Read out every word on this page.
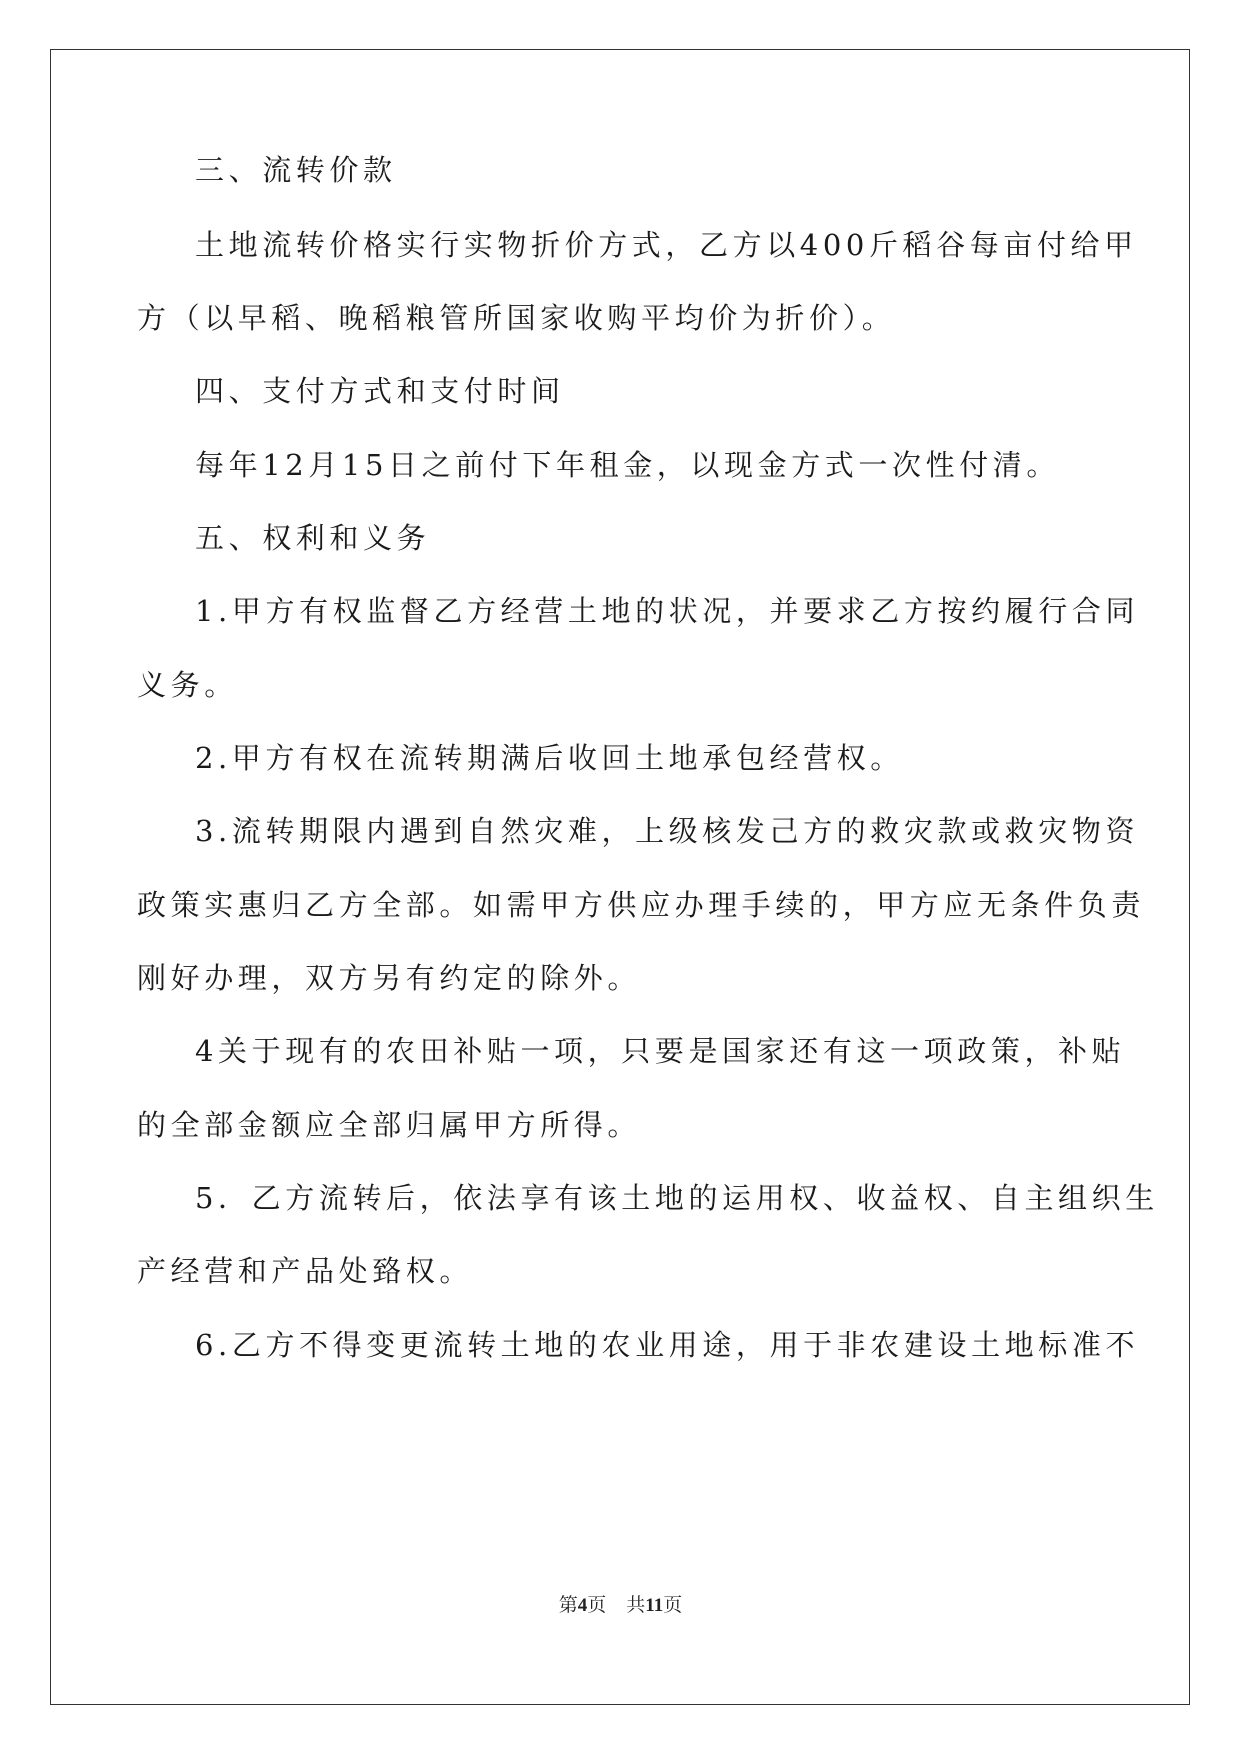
三、流转价款
土地流转价格实行实物折价方式，乙方以400斤稻谷每亩付给甲
方（以早稻、晚稻粮管所国家收购平均价为折价）。
四、支付方式和支付时间
每年12月15日之前付下年租金，以现金方式一次性付清。
五、权利和义务
1.甲方有权监督乙方经营土地的状况，并要求乙方按约履行合同
义务。
2.甲方有权在流转期满后收回土地承包经营权。
3.流转期限内遇到自然灾难，上级核发己方的救灾款或救灾物资
政策实惠归乙方全部。如需甲方供应办理手续的，甲方应无条件负责
刚好办理，双方另有约定的除外。
4关于现有的农田补贴一项，只要是国家还有这一项政策，补贴
的全部金额应全部归属甲方所得。
5．乙方流转后，依法享有该土地的运用权、收益权、自主组织生
产经营和产品处臵权。
6.乙方不得变更流转土地的农业用途，用于非农建设土地标准不
第4页 共11页
